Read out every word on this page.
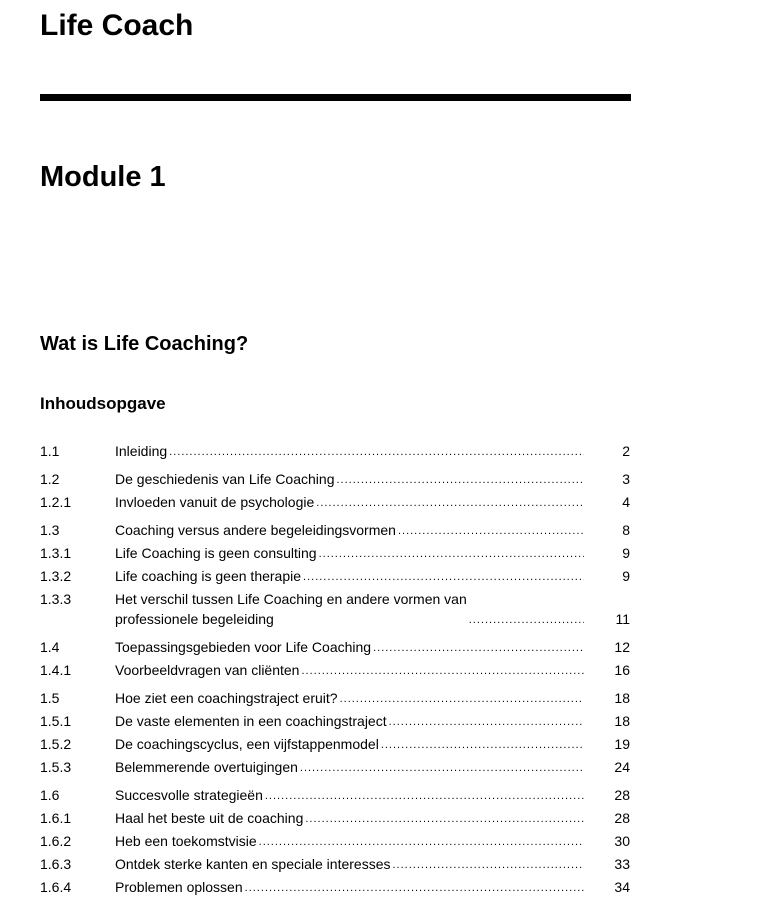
Life Coach
Module 1
Wat is Life Coaching?
Inhoudsopgave
1.1	Inleiding .....	2
1.2	De geschiedenis van Life Coaching .....	3
1.2.1	Invloeden vanuit de psychologie .....	4
1.3	Coaching versus andere begeleidingsvormen .....	8
1.3.1	Life Coaching is geen consulting .....	9
1.3.2	Life coaching is geen therapie .....	9
1.3.3	Het verschil tussen Life Coaching en andere vormen van
professionele begeleiding .....	11
1.4	Toepassingsgebieden voor Life Coaching .....	12
1.4.1	Voorbeeldvragen van cliënten .....	16
1.5	Hoe ziet een coachingstraject eruit? .....	18
1.5.1	De vaste elementen in een coachingstraject .....	18
1.5.2	De coachingscyclus, een vijfstappenmodel .....	19
1.5.3	Belemmerende overtuigingen .....	24
1.6	Succesvolle strategieën .....	28
1.6.1	Haal het beste uit de coaching .....	28
1.6.2	Heb een toekomstvisie .....	30
1.6.3	Ontdek sterke kanten en speciale interesses .....	33
1.6.4	Problemen oplossen .....	34
